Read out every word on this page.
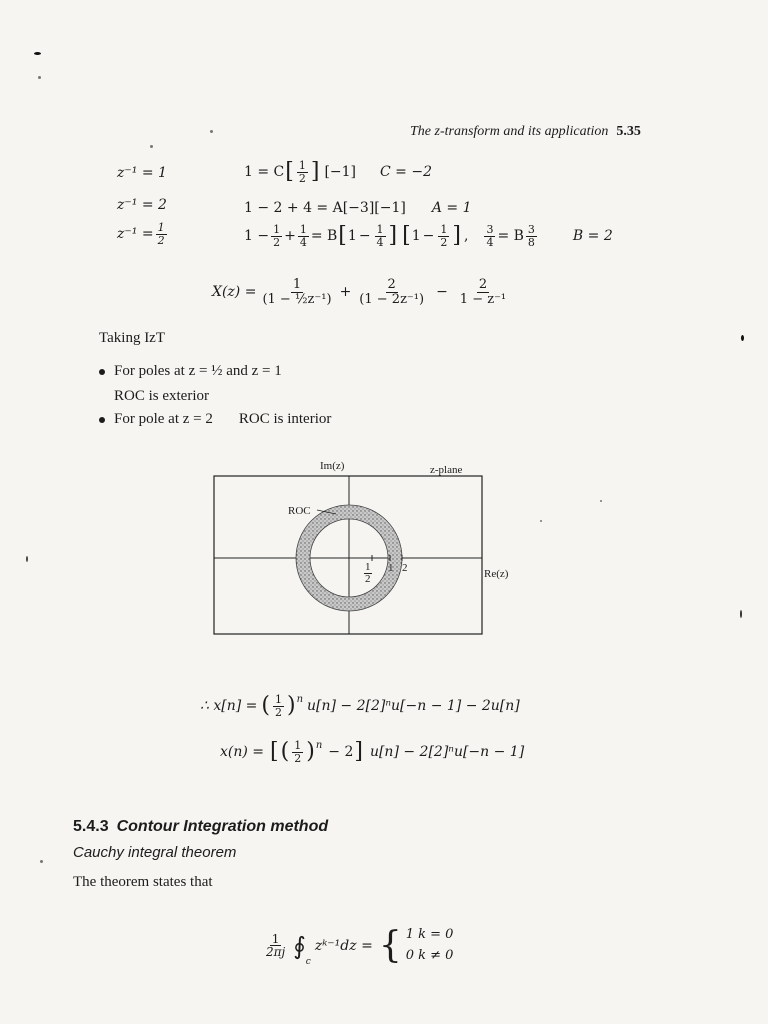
The z-transform and its application 5.35
z⁻¹ = 1
z⁻¹ = 2
$z^{-1} = \frac{1}{2}$
1 = C [ $\frac{1}{2}$ ] [−1] C = −2
1 − 2 + 4 = A[−3][−1] A = 1
$1 - \frac{1}{2} + \frac{1}{4} = B$ [ $1 - \frac{1}{4}$ ] [ $1 - \frac{1}{2}$ ] , $\frac{3}{4} = B \frac{3}{8}$	B = 2
$X(z) = \frac{1}{\text{(1 − ½z⁻¹)}} + \frac{2}{\text{(1 − 2z⁻¹)}} - \frac{2}{\text{1 − z⁻¹}}$
Taking IzT
For poles at z = ½ and z = 1
ROC is exterior
For pole at z = 2 ROC is interior
Im(z)	z-plane
ROC
Re(z)
1
2
1 2
∴ x[n] = ( $\frac{1}{2} )^n$ u[n] − 2[2]ⁿu[−n − 1] − 2u[n]
x(n) = [ ( $\frac{1}{2} )^n - 2$ ] u[n] − 2[2]ⁿu[−n − 1]
5.4.3 Contour Integration method
Cauchy integral theorem
The theorem states that
$\frac{1}{2\pi j}$ ∮
$_c$
zᵏ⁻¹dz = { 1 k = 0
0 k ≠ 0
